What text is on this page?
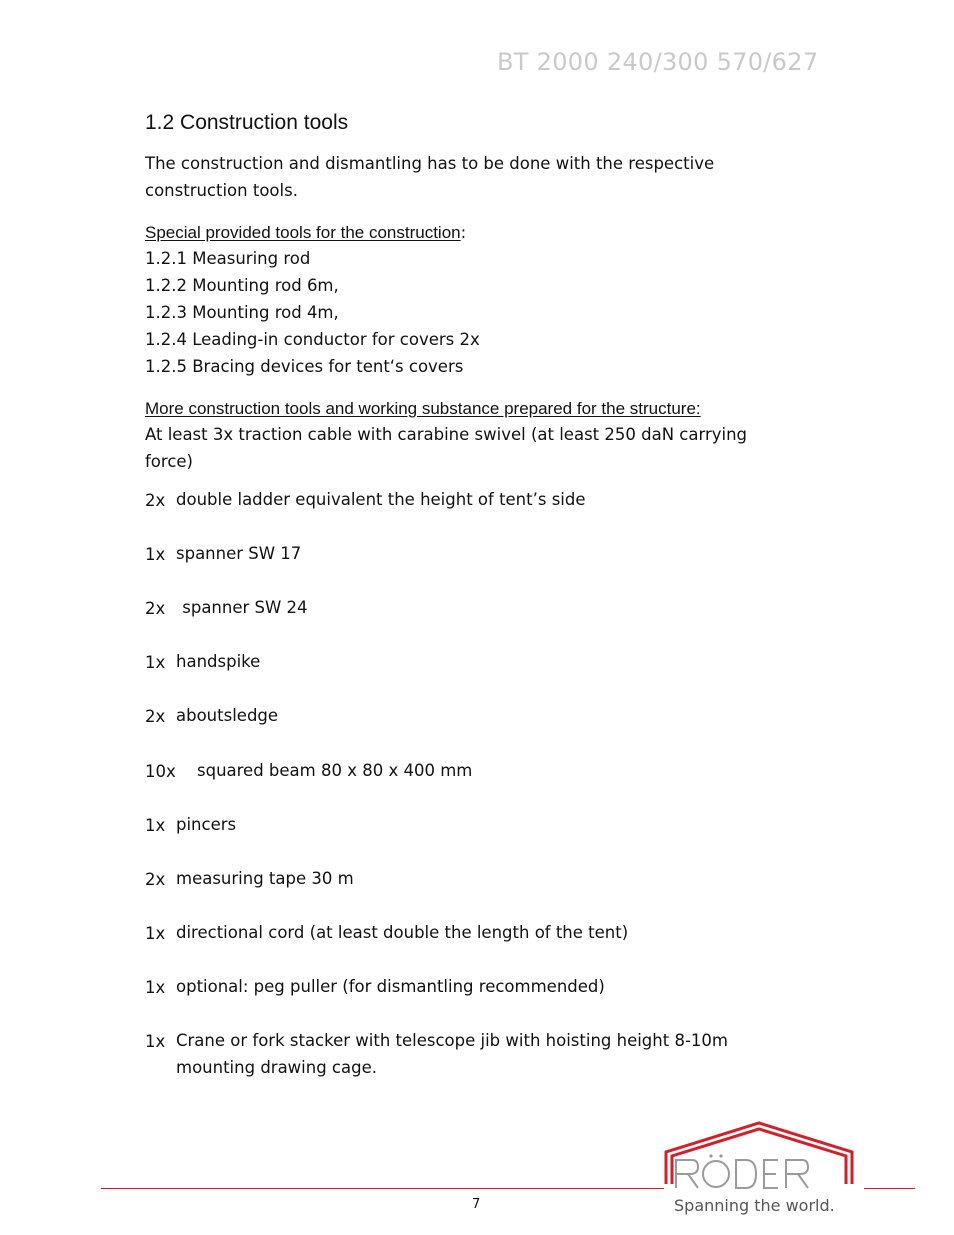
BT 2000 240/300 570/627
1.2 Construction tools
The construction and dismantling has to be done with the respective
construction tools.
Special provided tools for the construction:
1.2.1 Measuring rod
1.2.2 Mounting rod 6m,
1.2.3 Mounting rod 4m,
1.2.4 Leading-in conductor for covers 2x
1.2.5 Bracing devices for tent‘s covers
More construction tools and working substance prepared for the structure:
At least 3x traction cable with carabine swivel (at least 250 daN carrying
force)
2x double ladder equivalent the height of tent’s side
1x spanner SW 17
2x spanner SW 24
1x handspike
2x aboutsledge
10x squared beam 80 x 80 x 400 mm
1x pincers
2x measuring tape 30 m
1x directional cord (at least double the length of the tent)
1x optional: peg puller (for dismantling recommended)
1x Crane or fork stacker with telescope jib with hoisting height 8-10m
mounting drawing cage.
7	Spanning the world.
